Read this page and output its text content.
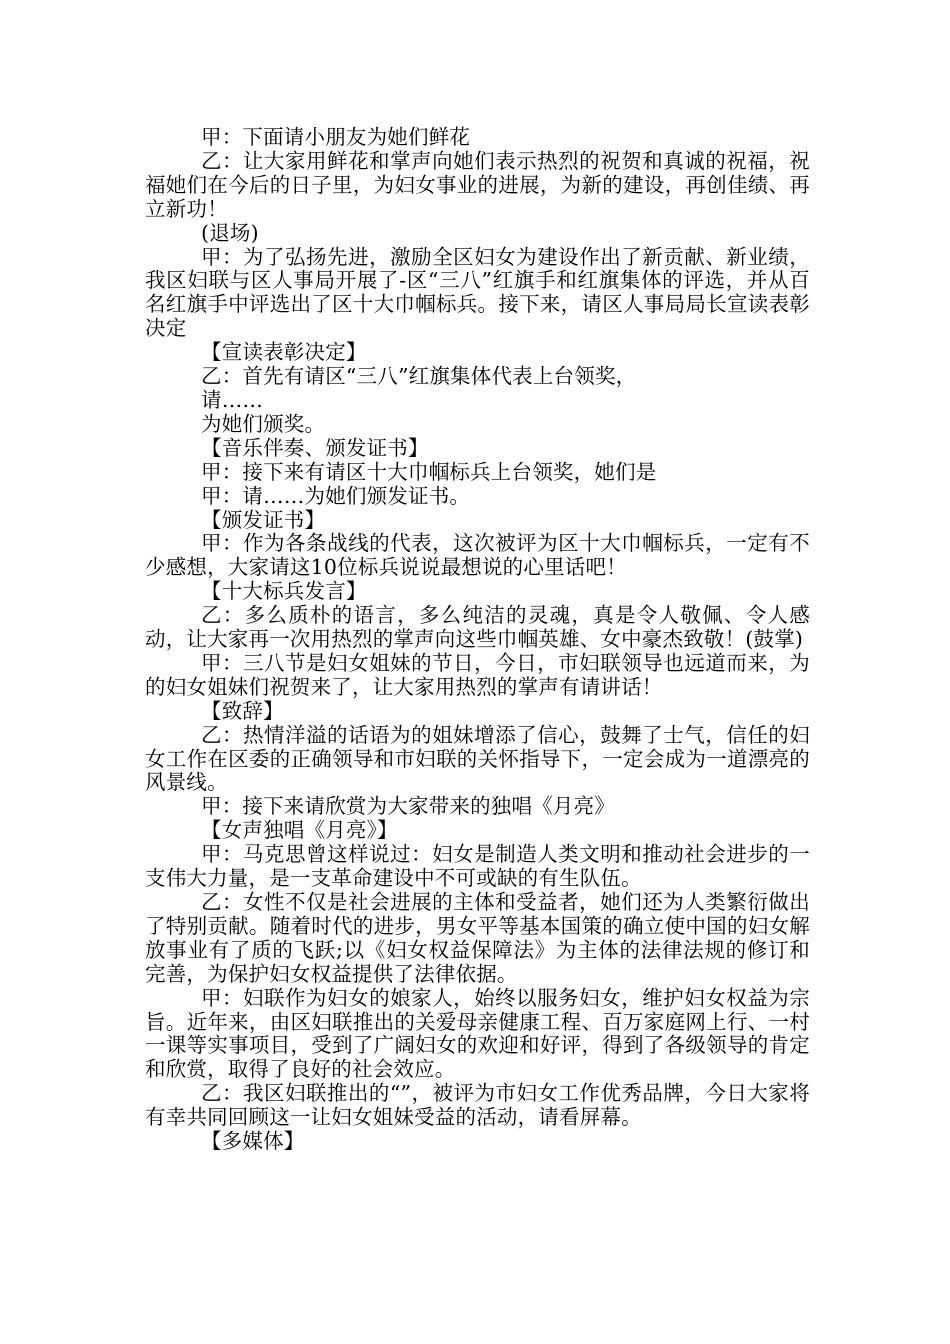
甲：下面请小朋友为她们鲜花

乙：让大家用鲜花和掌声向她们表示热烈的祝贺和真诚的祝福，祝福她们在今后的日子里，为妇女事业的进展，为新的建设，再创佳绩、再立新功！

(退场)

甲：为了弘扬先进，激励全区妇女为建设作出了新贡献、新业绩，我区妇联与区人事局开展了-区“三八”红旗手和红旗集体的评选，并从百名红旗手中评选出了区十大巾帼标兵。接下来，请区人事局局长宣读表彰决定

【宣读表彰决定】

乙：首先有请区“三八”红旗集体代表上台领奖，

请……

为她们颁奖。

【音乐伴奏、颁发证书】

甲：接下来有请区十大巾帼标兵上台领奖，她们是

甲：请……为她们颁发证书。

【颁发证书】

甲：作为各条战线的代表，这次被评为区十大巾帼标兵，一定有不少感想，大家请这10位标兵说说最想说的心里话吧！

【十大标兵发言】

乙：多么质朴的语言，多么纯洁的灵魂，真是令人敬佩、令人感动，让大家再一次用热烈的掌声向这些巾帼英雄、女中豪杰致敬！(鼓掌)

甲：三八节是妇女姐妹的节日，今日，市妇联领导也远道而来，为的妇女姐妹们祝贺来了，让大家用热烈的掌声有请讲话！

【致辞】

乙：热情洋溢的话语为的姐妹增添了信心，鼓舞了士气，信任的妇女工作在区委的正确领导和市妇联的关怀指导下，一定会成为一道漂亮的风景线。

甲：接下来请欣赏为大家带来的独唱《月亮》

【女声独唱《月亮》】

甲：马克思曾这样说过：妇女是制造人类文明和推动社会进步的一支伟大力量，是一支革命建设中不可或缺的有生队伍。

乙：女性不仅是社会进展的主体和受益者，她们还为人类繁衍做出了特别贡献。随着时代的进步，男女平等基本国策的确立使中国的妇女解放事业有了质的飞跃;以《妇女权益保障法》为主体的法律法规的修订和完善，为保护妇女权益提供了法律依据。

甲：妇联作为妇女的娘家人，始终以服务妇女，维护妇女权益为宗旨。近年来，由区妇联推出的关爱母亲健康工程、百万家庭网上行、一村一课等实事项目，受到了广阔妇女的欢迎和好评，得到了各级领导的肯定和欣赏，取得了良好的社会效应。

乙：我区妇联推出的“”，被评为市妇女工作优秀品牌，今日大家将有幸共同回顾这一让妇女姐妹受益的活动，请看屏幕。

【多媒体】
